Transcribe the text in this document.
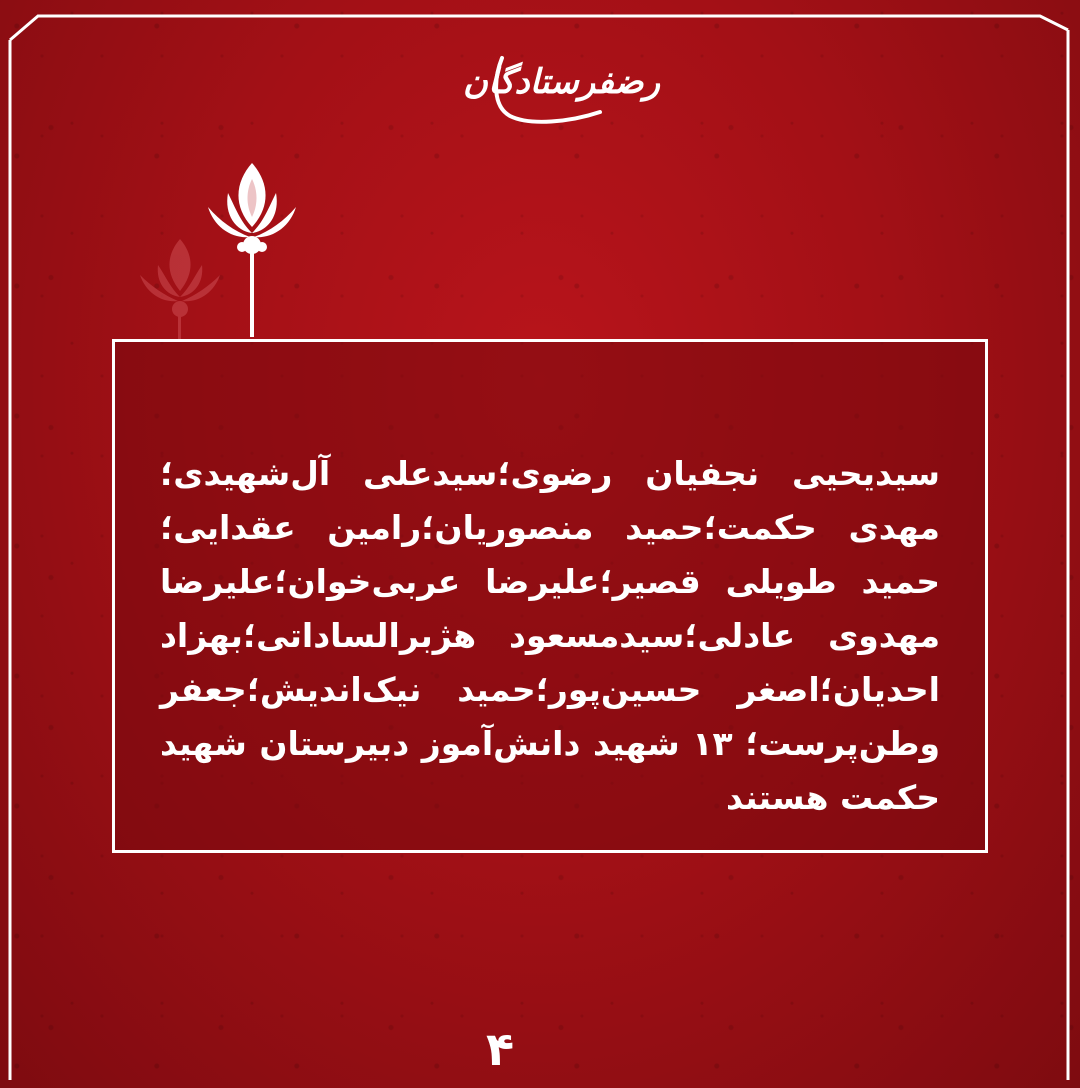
رضفرستادگان
سیدیحیی نجفیان رضوی؛سیدعلی آل‌شهیدی؛مهدی حکمت؛حمید منصوریان؛رامین عقدایی؛ حمید طویلی قصیر؛علیرضا عربی‌خوان؛علیرضا مهدوی عادلی؛سیدمسعود هژبرالساداتی؛بهزاد احدیان؛اصغر حسین‌پور؛حمید نیک‌اندیش؛جعفر وطن‌پرست؛ ۱۳ شهید دانش‌آموز دبیرستان شهید حکمت هستند
۴
